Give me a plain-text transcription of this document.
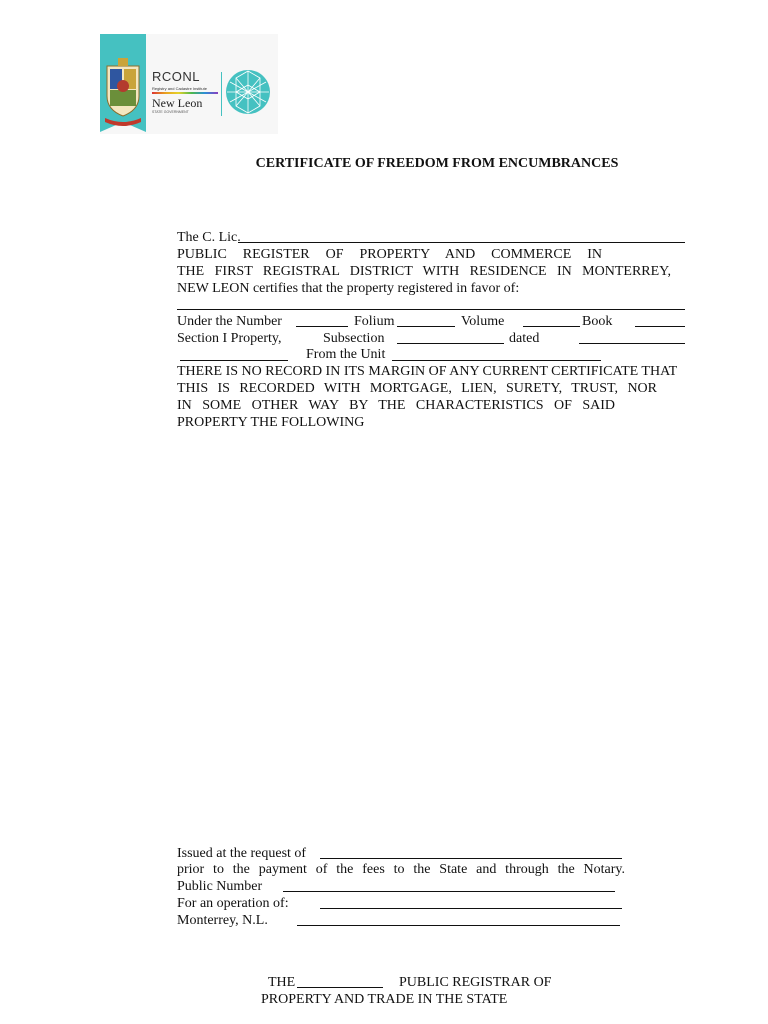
RCONL
Registry and Cadastre Institute
New Leon
STATE GOVERNMENT
CERTIFICATE OF FREEDOM FROM ENCUMBRANCES
The C. Lic.
PUBLIC REGISTER OF PROPERTY AND COMMERCE IN
THE FIRST REGISTRAL DISTRICT WITH RESIDENCE IN MONTERREY,
NEW LEON certifies that the property registered in favor of:
Under the Number	Folium	Volume	Book
Section I Property,	Subsection	dated
From the Unit
THERE IS NO RECORD IN ITS MARGIN OF ANY CURRENT CERTIFICATE THAT
THIS IS RECORDED WITH MORTGAGE, LIEN, SURETY, TRUST, NOR
IN SOME OTHER WAY BY THE CHARACTERISTICS OF SAID
PROPERTY THE FOLLOWING
Issued at the request of
prior to the payment of the fees to the State and through the Notary.
Public Number
For an operation of:
Monterrey, N.L.
THE	PUBLIC REGISTRAR OF
PROPERTY AND TRADE IN THE STATE
